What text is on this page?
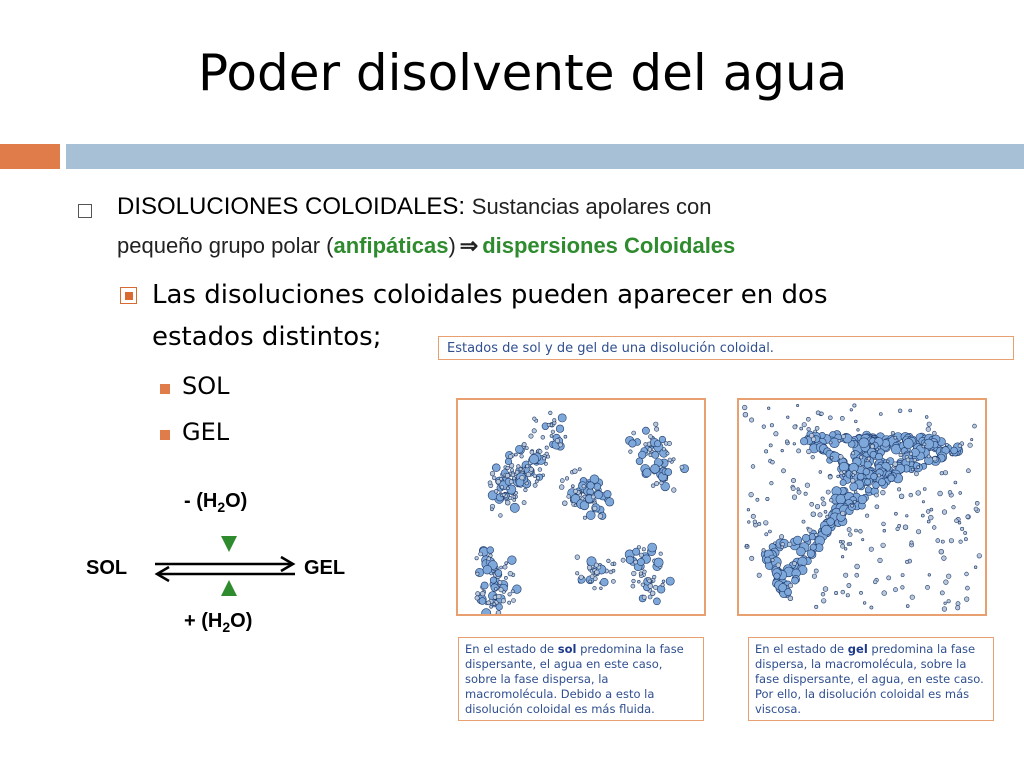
Poder disolvente del agua
DISOLUCIONES COLOIDALES: Sustancias apolares con
pequeño grupo polar (anfipáticas) ⇒ dispersiones Coloidales
Las disoluciones coloidales pueden aparecer en dos
estados distintos;
SOL
GEL
- $(H_2O)$
SOL	GEL
+ $(H_2O)$
Estados de sol y de gel de una disolución coloidal.
En el estado de sol predomina la fase dispersante, el agua en este caso, sobre la fase dispersa, la macromolécula. Debido a esto la disolución coloidal es más fluida.
En el estado de gel predomina la fase dispersa, la macromolécula, sobre la fase dispersante, el agua, en este caso. Por ello, la disolución coloidal es más viscosa.
